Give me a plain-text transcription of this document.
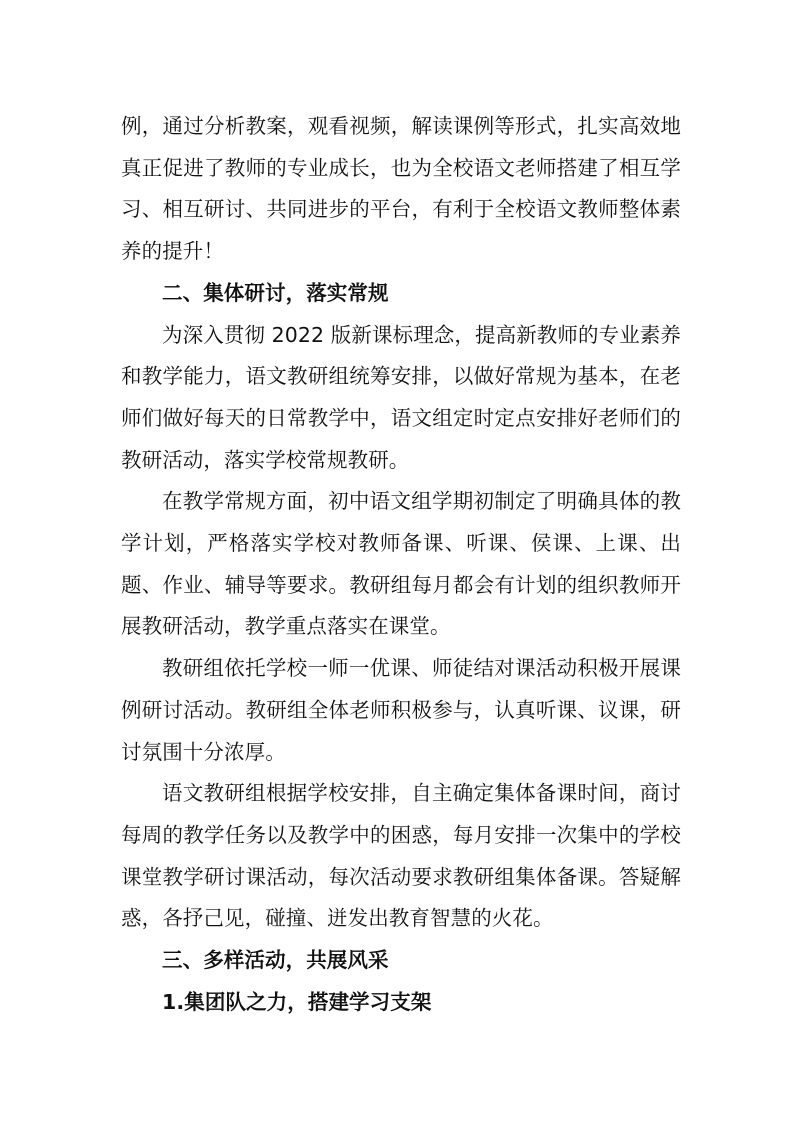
例，通过分析教案，观看视频，解读课例等形式，扎实高效地真正促进了教师的专业成长，也为全校语文老师搭建了相互学习、相互研讨、共同进步的平台，有利于全校语文教师整体素养的提升！

二、集体研讨，落实常规

为深入贯彻 2022 版新课标理念，提高新教师的专业素养和教学能力，语文教研组统筹安排，以做好常规为基本，在老师们做好每天的日常教学中，语文组定时定点安排好老师们的教研活动，落实学校常规教研。

在教学常规方面，初中语文组学期初制定了明确具体的教学计划，严格落实学校对教师备课、听课、侯课、上课、出题、作业、辅导等要求。教研组每月都会有计划的组织教师开展教研活动，教学重点落实在课堂。

教研组依托学校一师一优课、师徒结对课活动积极开展课例研讨活动。教研组全体老师积极参与，认真听课、议课，研讨氛围十分浓厚。

语文教研组根据学校安排，自主确定集体备课时间，商讨每周的教学任务以及教学中的困惑，每月安排一次集中的学校课堂教学研讨课活动，每次活动要求教研组集体备课。答疑解惑，各抒己见，碰撞、迸发出教育智慧的火花。

三、多样活动，共展风采

1.集团队之力，搭建学习支架
